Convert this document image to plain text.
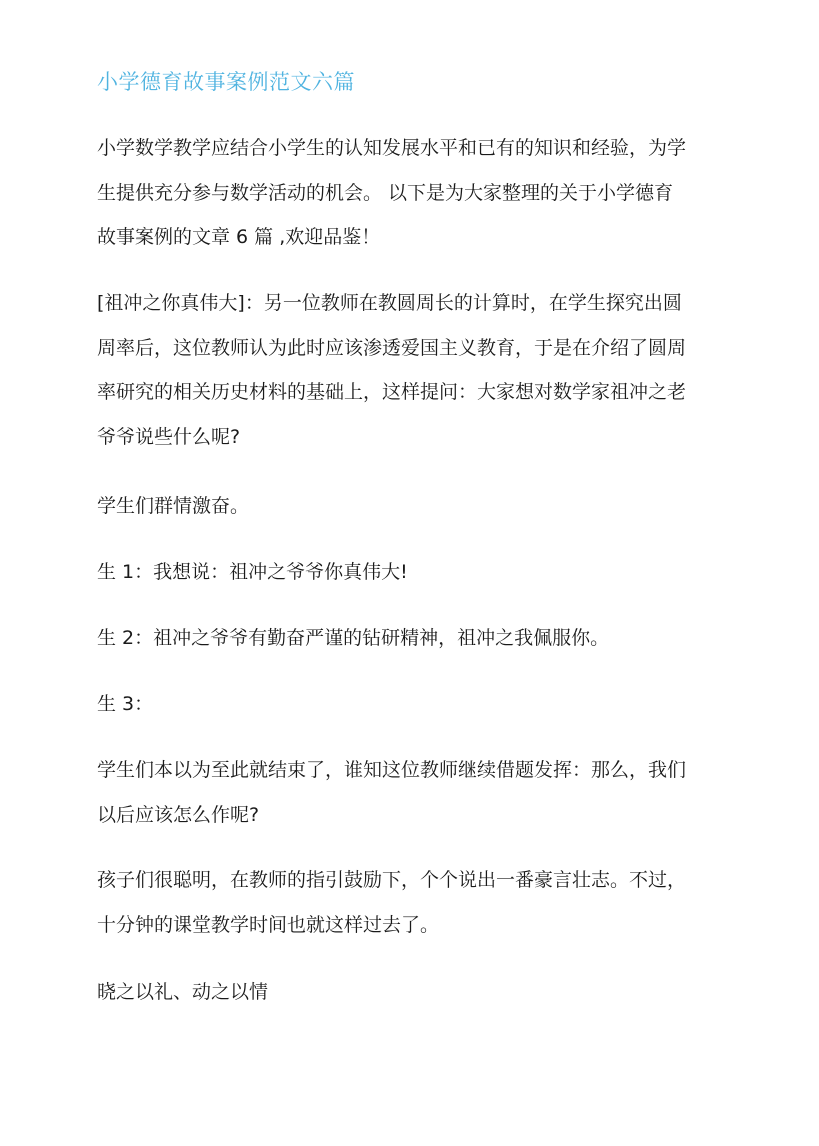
小学德育故事案例范文六篇
小学数学教学应结合小学生的认知发展水平和已有的知识和经验，为学
生提供充分参与数学活动的机会。 以下是为大家整理的关于小学德育
故事案例的文章 6 篇 ,欢迎品鉴！
[祖冲之你真伟大]：另一位教师在教圆周长的计算时，在学生探究出圆
周率后，这位教师认为此时应该渗透爱国主义教育，于是在介绍了圆周
率研究的相关历史材料的基础上，这样提问：大家想对数学家祖冲之老
爷爷说些什么呢?
学生们群情激奋。
生 1：我想说：祖冲之爷爷你真伟大!
生 2：祖冲之爷爷有勤奋严谨的钻研精神，祖冲之我佩服你。
生 3：
学生们本以为至此就结束了，谁知这位教师继续借题发挥：那么，我们
以后应该怎么作呢?
孩子们很聪明，在教师的指引鼓励下，个个说出一番豪言壮志。不过，
十分钟的课堂教学时间也就这样过去了。
晓之以礼、动之以情
